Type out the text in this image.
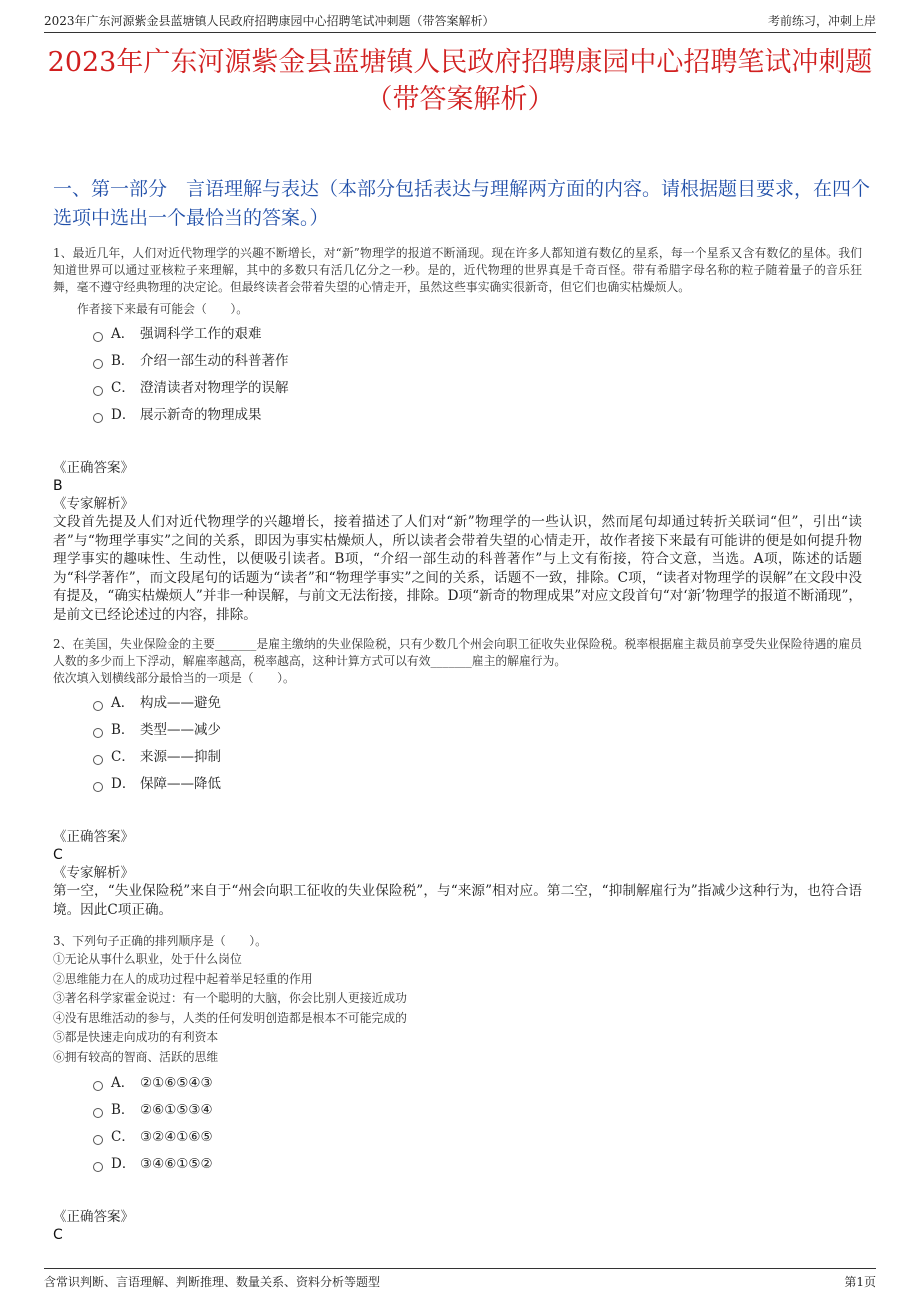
2023年广东河源紫金县蓝塘镇人民政府招聘康园中心招聘笔试冲刺题（带答案解析）	考前练习，冲刺上岸
2023年广东河源紫金县蓝塘镇人民政府招聘康园中心招聘笔试冲刺题（带答案解析）
一、第一部分　言语理解与表达（本部分包括表达与理解两方面的内容。请根据题目要求，在四个选项中选出一个最恰当的答案。）

1、最近几年，人们对近代物理学的兴趣不断增长，对“新”物理学的报道不断涌现。现在许多人都知道有数亿的星系，每一个星系又含有数亿的星体。我们知道世界可以通过亚核粒子来理解，其中的多数只有活几亿分之一秒。是的，近代物理的世界真是千奇百怪。带有希腊字母名称的粒子随着量子的音乐狂舞，毫不遵守经典物理的决定论。但最终读者会带着失望的心情走开，虽然这些事实确实很新奇，但它们也确实枯燥烦人。

作者接下来最有可能会（　　）。

A． 强调科学工作的艰难
B． 介绍一部生动的科普著作
C． 澄清读者对物理学的误解
D． 展示新奇的物理成果

《正确答案》

B

《专家解析》

文段首先提及人们对近代物理学的兴趣增长，接着描述了人们对“新”物理学的一些认识，然而尾句却通过转折关联词“但”，引出“读者”与“物理学事实”之间的关系，即因为事实枯燥烦人，所以读者会带着失望的心情走开，故作者接下来最有可能讲的便是如何提升物理学事实的趣味性、生动性，以便吸引读者。B项，“介绍一部生动的科普著作”与上文有衔接，符合文意，当选。A项，陈述的话题为“科学著作”，而文段尾句的话题为“读者”和“物理学事实”之间的关系，话题不一致，排除。C项，“读者对物理学的误解”在文段中没有提及，“确实枯燥烦人”并非一种误解，与前文无法衔接，排除。D项“新奇的物理成果”对应文段首句“对‘新’物理学的报道不断涌现”，是前文已经论述过的内容，排除。

2、在美国，失业保险金的主要_______是雇主缴纳的失业保险税，只有少数几个州会向职工征收失业保险税。税率根据雇主裁员前享受失业保险待遇的雇员人数的多少而上下浮动，解雇率越高，税率越高，这种计算方式可以有效_______雇主的解雇行为。

依次填入划横线部分最恰当的一项是（　　）。

A． 构成——避免
B． 类型——减少
C． 来源——抑制
D． 保障——降低

《正确答案》

C

《专家解析》

第一空，“失业保险税”来自于“州会向职工征收的失业保险税”，与“来源”相对应。第二空，“抑制解雇行为”指减少这种行为，也符合语境。因此C项正确。

3、下列句子正确的排列顺序是（　　）。

①无论从事什么职业，处于什么岗位

②思维能力在人的成功过程中起着举足轻重的作用

③著名科学家霍金说过：有一个聪明的大脑，你会比别人更接近成功

④没有思维活动的参与，人类的任何发明创造都是根本不可能完成的

⑤都是快速走向成功的有利资本

⑥拥有较高的智商、活跃的思维

A． ②①⑥⑤④③
B． ②⑥①⑤③④
C． ③②④①⑥⑤
D． ③④⑥①⑤②

《正确答案》

C

含常识判断、言语理解、判断推理、数量关系、资料分析等题型	第1页
